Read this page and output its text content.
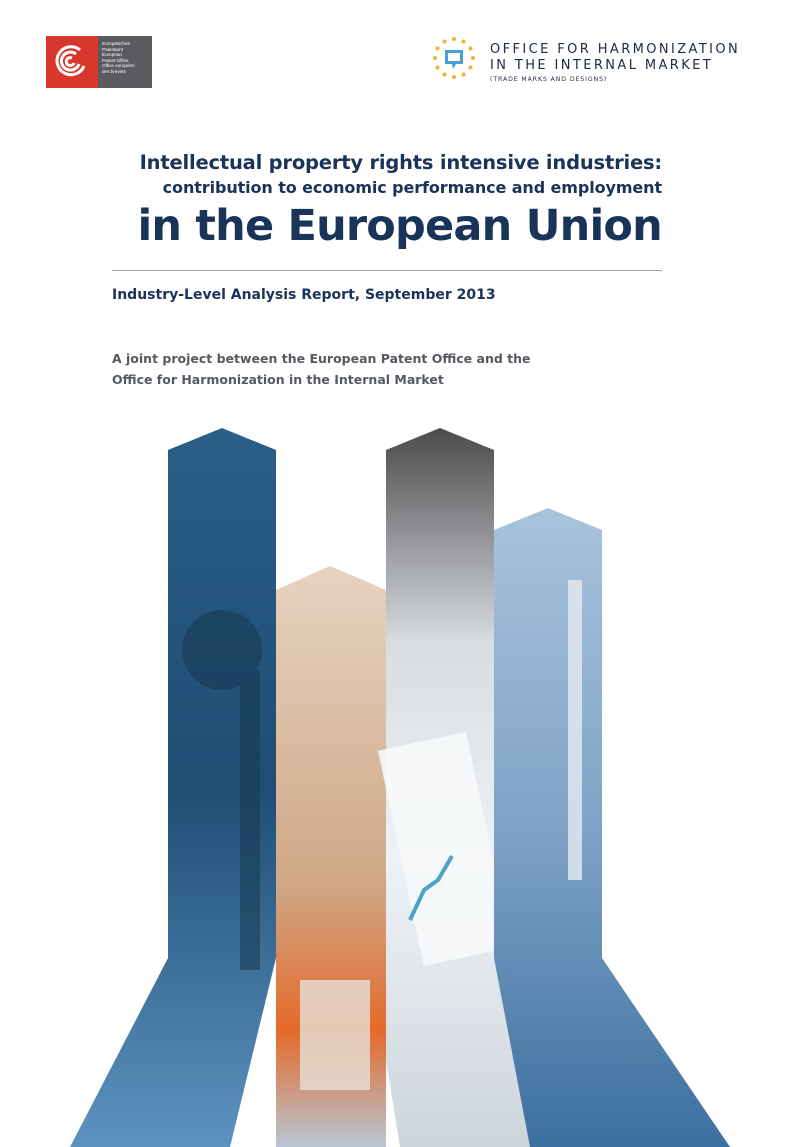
Europäisches
Patentamt
European
Patent Office
Office européen
des brevets
OFFICE FOR HARMONIZATION
IN THE INTERNAL MARKET
(TRADE MARKS AND DESIGNS)
Intellectual property rights intensive industries:
contribution to economic performance and employment
in the European Union
Industry-Level Analysis Report, September 2013
A joint project between the European Patent Office and the
Office for Harmonization in the Internal Market
